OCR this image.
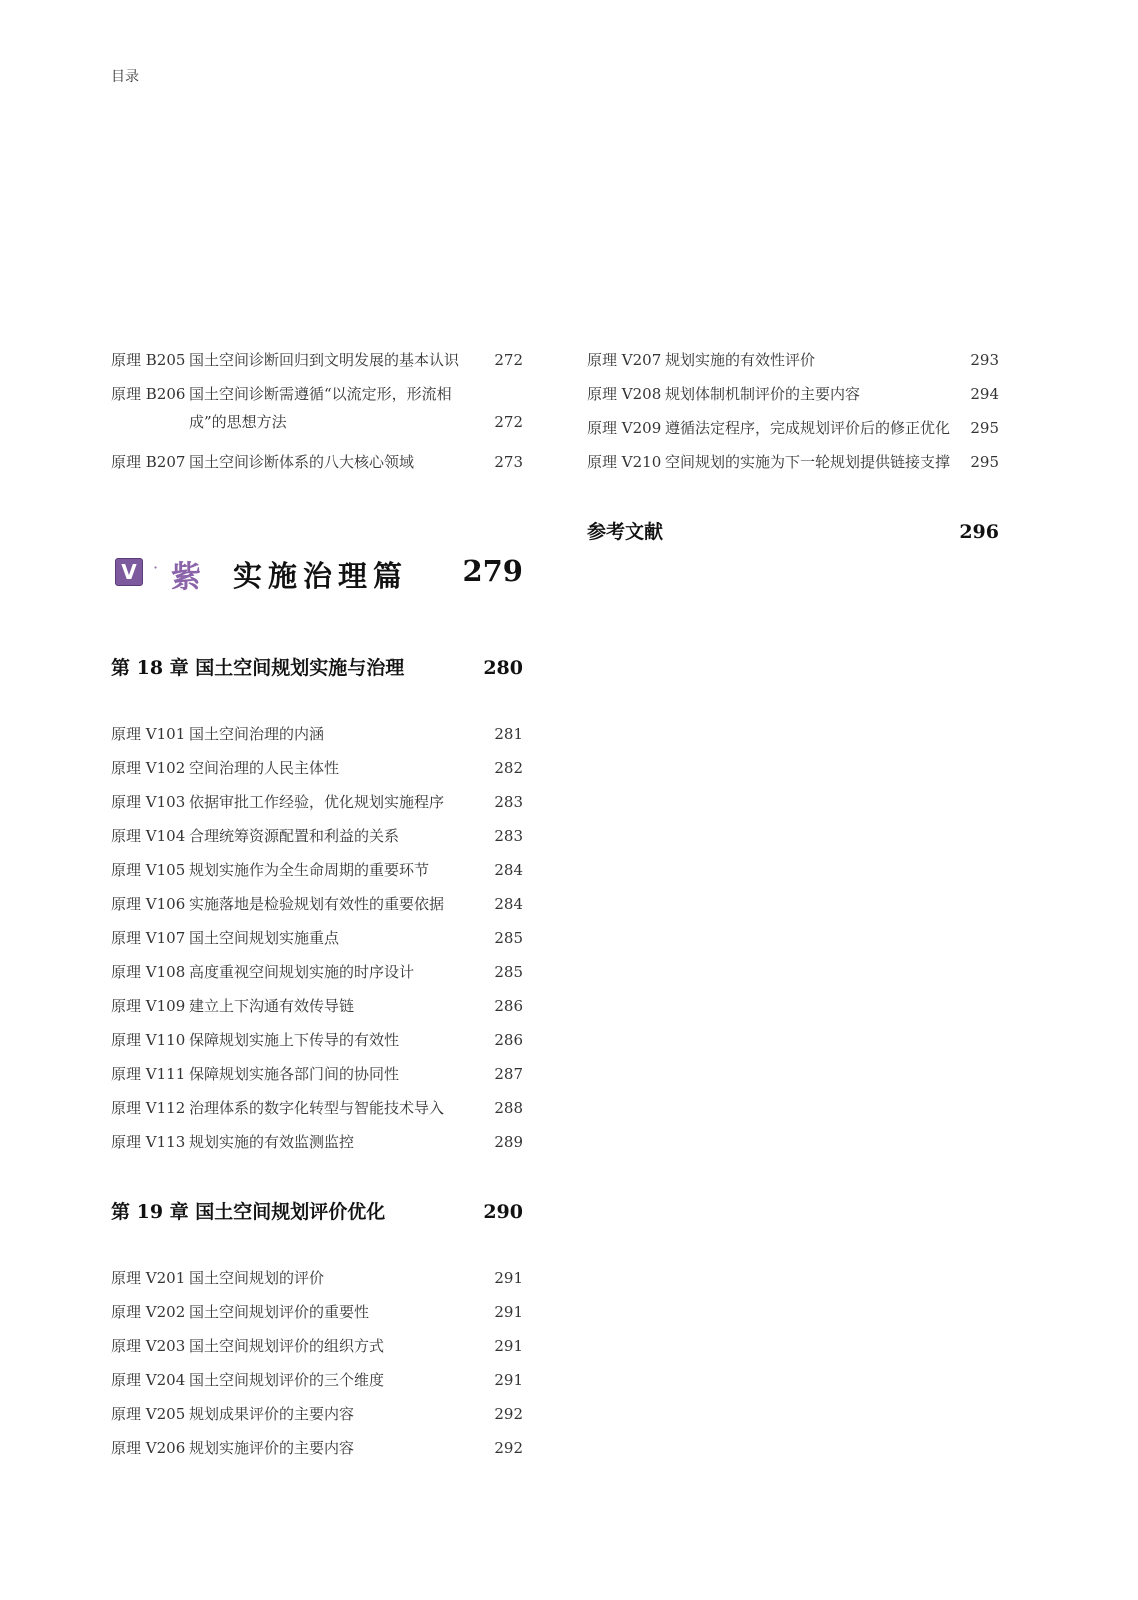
目录
原理 B205 国土空间诊断回归到文明发展的基本认识	272
原理 B206 国土空间诊断需遵循“以流定形，形流相成”的思想方法	272
原理 B207 国土空间诊断体系的八大核心领域	273
V	· 紫 实施治理篇 279
第 18 章 国土空间规划实施与治理	280
原理 V101 国土空间治理的内涵	281
原理 V102 空间治理的人民主体性	282
原理 V103 依据审批工作经验，优化规划实施程序	283
原理 V104 合理统筹资源配置和利益的关系	283
原理 V105 规划实施作为全生命周期的重要环节	284
原理 V106 实施落地是检验规划有效性的重要依据	284
原理 V107 国土空间规划实施重点	285
原理 V108 高度重视空间规划实施的时序设计	285
原理 V109 建立上下沟通有效传导链	286
原理 V110 保障规划实施上下传导的有效性	286
原理 V111 保障规划实施各部门间的协同性	287
原理 V112 治理体系的数字化转型与智能技术导入	288
原理 V113 规划实施的有效监测监控	289
第 19 章 国土空间规划评价优化	290
原理 V201 国土空间规划的评价	291
原理 V202 国土空间规划评价的重要性	291
原理 V203 国土空间规划评价的组织方式	291
原理 V204 国土空间规划评价的三个维度	291
原理 V205 规划成果评价的主要内容	292
原理 V206 规划实施评价的主要内容	292
原理 V207 规划实施的有效性评价	293
原理 V208 规划体制机制评价的主要内容	294
原理 V209 遵循法定程序，完成规划评价后的修正优化	295
原理 V210 空间规划的实施为下一轮规划提供链接支撑	295
参考文献	296
